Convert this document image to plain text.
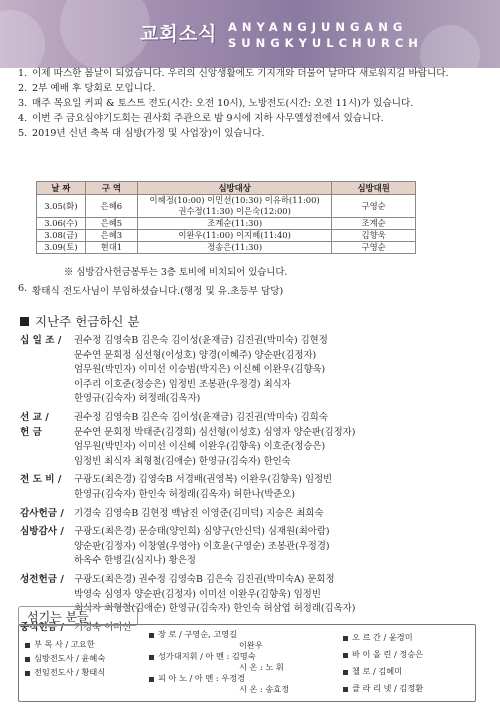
교회소식 ANYANGJUNGANG
SUNGKYULCHURCH
1. 이제 따스한 봄날이 되었습니다. 우리의 신앙생활에도 기지개와 더불어 날마다 새로워지길 바랍니다.
2. 2부 예배 후 당회로 모입니다.
3. 매주 목요일 커피 & 토스트 전도(시간: 오전 10시), 노방전도(시간: 오전 11시)가 있습니다.
4. 이번 주 금요심야기도회는 권사회 주관으로 밤 9시에 지하 사무엘성전에서 있습니다.
5. 2019년 신년 축복 대 심방(가정 및 사업장)이 있습니다.
날 짜	구 역	심방대상	심방대원
3.05(화)	은혜6	이혜정(10:00) 이민선(10:30) 이유하(11:00)
권수정(11:30) 이은숙(12:00)	구영순
3.06(수)	은혜5	조계순(11:30)	조계순
3.08(금)	은혜3	이완우(11:00) 이지혜(11:40)	김향욱
3.09(토)	현대1	정송은(11:30)	구영순
※ 심방감사헌금봉투는 3층 토비에 비치되어 있습니다.
6. 황태식 전도사님이 부임하셨습니다.(행정 및 유.초등부 담당)
지난주 헌금하신 분
십 일 조 /	권수정 김영숙B 김은숙 김이성(윤재금) 김진권(박미숙) 김현정
문수연 문회정 심선형(이성호) 양경(이혜주) 양순판(김정자)
엄무원(박민자) 이미선 이승범(박지은) 이신혜 이완우(김향욱)
이주리 이호준(정승은) 임정빈 조봉관(우정경) 최식자
한영규(김숙자) 허정래(김옥자)
선 교 /	권수정 김영숙B 김은숙 김이성(윤재금) 김진권(박미숙) 김희숙
헌 금	문수연 문회정 박태준(김경희) 심선형(이성호) 심영자 양순판(김정자)
엄무원(박민자) 이미선 이신혜 이완우(김향욱) 이호준(정승은)
임정빈 최식자 최형철(김애순) 한영규(김숙자) 한인숙
전 도 비 /	구광도(최은경) 김영숙B 서경배(권영복) 이완우(김향욱) 임정빈
한영규(김숙자) 한인숙 허정래(김옥자) 허한나(박준오)
감사헌금 /	기경숙 김영숙B 김현정 백남진 이영준(김미덕) 지승은 최희숙
심방감사 /	구광도(최은경) 문승태(양인희) 심양구(안신덕) 심재원(최아람)
양순판(김정자) 이창열(우영아) 이호윤(구영순) 조봉관(우정경)
하옥수 한병길(심지나) 황은정
성전헌금 /	구광도(최은경) 권수정 김영숙B 김은숙 김진권(박미숙A) 문회정
박영숙 심영자 양순판(김정자) 이미선 이완우(김향욱) 임정빈
최식자 최형철(김애순) 한영규(김숙자) 한인숙 허삼엽 허정래(김옥자)
중식헌금 /	기경숙 이미선
섬기는 분들
부 목 사 / 고요한
심방전도사 / 윤혜숙
전임전도사 / 황태식
장 로 / 구영순, 고영길
이완우
성가대지휘 / 아 멘 : 김명숙
시 온 : 노 휘
피 아 노 / 아 멘 : 우정경
시 온 : 송효정
오 르 간 / 윤경미
바 이 올 린 / 정승은
첼 로 / 김혜미
클 라 리 넷 / 김정환
